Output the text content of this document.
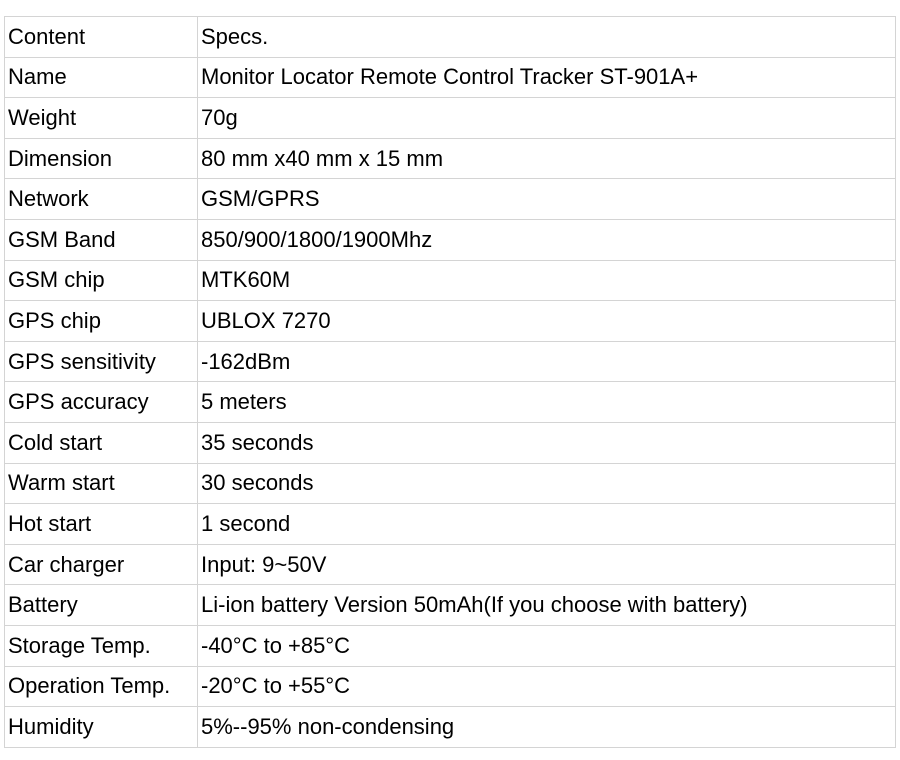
Content	Specs.
Name	Monitor Locator Remote Control Tracker ST-901A+
Weight	70g
Dimension	80 mm x40 mm x 15 mm
Network	GSM/GPRS
GSM Band	850/900/1800/1900Mhz
GSM chip	MTK60M
GPS chip	UBLOX 7270
GPS sensitivity	-162dBm
GPS accuracy	5 meters
Cold start	35 seconds
Warm start	30 seconds
Hot start	1 second
Car charger	Input: 9~50V
Battery	Li-ion battery Version 50mAh(If you choose with battery)
Storage Temp.	-40°C to +85°C
Operation Temp.	-20°C to +55°C
Humidity	5%--95% non-condensing
